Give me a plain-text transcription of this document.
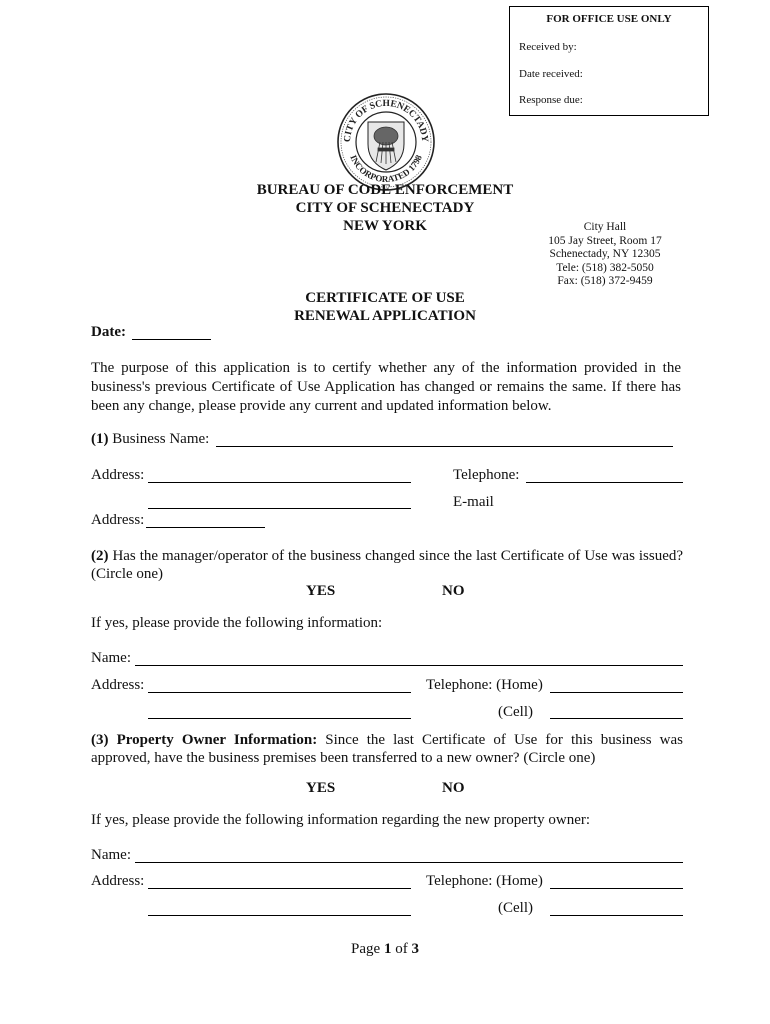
FOR OFFICE USE ONLY
Received by:
Date received:
Response due:
CITY OF SCHENECTADY
INCORPORATED 1798
BUREAU OF CODE ENFORCEMENT
CITY OF SCHENECTADY
NEW YORK	City Hall
105 Jay Street, Room 17
Schenectady, NY 12305
Tele: (518) 382-5050
Fax: (518) 372-9459
CERTIFICATE OF USE
RENEWAL APPLICATION
Date:
The purpose of this application is to certify whether any of the information provided in the business's previous Certificate of Use Application has changed or remains the same. If there has been any change, please provide any current and updated information below.
(1) Business Name:
Address:	Telephone:
E-mail
Address:
(2) Has the manager/operator of the business changed since the last Certificate of Use was issued? (Circle one)
YES	NO
If yes, please provide the following information:
Name:
Address:	Telephone: (Home)
(Cell)
(3) Property Owner Information: Since the last Certificate of Use for this business was approved, have the business premises been transferred to a new owner? (Circle one)
YES	NO
If yes, please provide the following information regarding the new property owner:
Name:
Address:	Telephone: (Home)
(Cell)
Page 1 of 3
